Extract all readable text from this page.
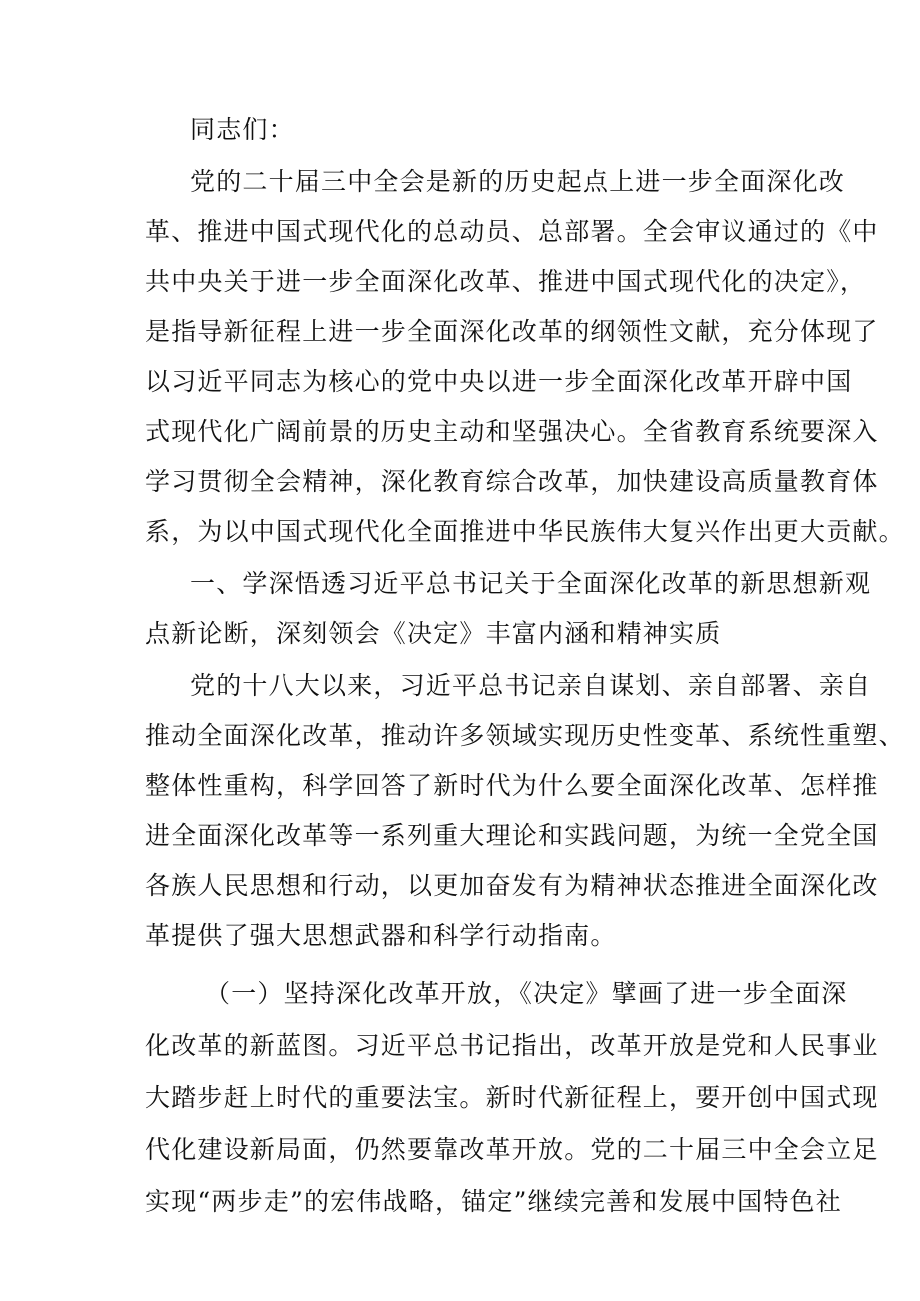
同志们：
党的二十届三中全会是新的历史起点上进一步全面深化改
革、推进中国式现代化的总动员、总部署。全会审议通过的《中
共中央关于进一步全面深化改革、推进中国式现代化的决定》，
是指导新征程上进一步全面深化改革的纲领性文献，充分体现了
以习近平同志为核心的党中央以进一步全面深化改革开辟中国
式现代化广阔前景的历史主动和坚强决心。全省教育系统要深入
学习贯彻全会精神，深化教育综合改革，加快建设高质量教育体
系，为以中国式现代化全面推进中华民族伟大复兴作出更大贡献。
一、学深悟透习近平总书记关于全面深化改革的新思想新观
点新论断，深刻领会《决定》丰富内涵和精神实质
党的十八大以来，习近平总书记亲自谋划、亲自部署、亲自
推动全面深化改革，推动许多领域实现历史性变革、系统性重塑、
整体性重构，科学回答了新时代为什么要全面深化改革、怎样推
进全面深化改革等一系列重大理论和实践问题，为统一全党全国
各族人民思想和行动，以更加奋发有为精神状态推进全面深化改
革提供了强大思想武器和科学行动指南。
（一）坚持深化改革开放，《决定》擘画了进一步全面深
化改革的新蓝图。习近平总书记指出，改革开放是党和人民事业
大踏步赶上时代的重要法宝。新时代新征程上，要开创中国式现
代化建设新局面，仍然要靠改革开放。党的二十届三中全会立足
实现“两步走”的宏伟战略，锚定”继续完善和发展中国特色社
